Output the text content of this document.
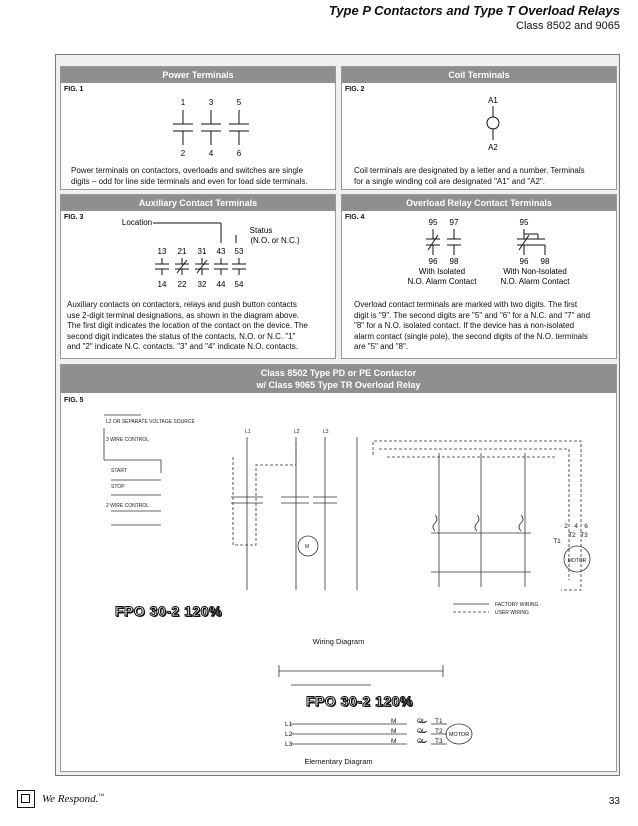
Type P Contactors and Type T Overload Relays
Class 8502 and 9065
Power Terminals
FIG. 1
1	3	5
2	4	6
Power terminals on contactors, overloads and switches are single
digits – odd for line side terminals and even for load side terminals.
Coil Terminals
FIG. 2
A1
A2
Coil terminals are designated by a letter and a number. Terminals
for a single winding coil are designated "A1" and "A2".
Auxiliary Contact Terminals
FIG. 3
Location
Status
(N.O. or N.C.)
13 21 31 43 53
14 22 32 44 54
Auxiliary contacts on contactors, relays and push button contacts
use 2-digit terminal designations, as shown in the diagram above.
The first digit indicates the location of the contact on the device. The
second digit indicates the status of the contacts, N.O. or N.C. "1"
and "2" indicate N.C. contacts. "3" and "4" indicate N.O. contacts.
Overload Relay Contact Terminals
FIG. 4
95 97
96 98
With Isolated
N.O. Alarm Contact
95
96 98
With Non-Isolated
N.O. Alarm Contact
Overload contact terminals are marked with two digits. The first
digit is "9". The second digits are "5" and "6" for a N.C. and "7" and
"8" for a N.O. isolated contact. If the device has a non-isolated
alarm contact (single pole), the second digits of the N.O. terminals
are "5" and "8".
Class 8502 Type PD or PE Contactor
w/ Class 9065 Type TR Overload Relay
FIG. 5
L2 OR SEPARATE VOLTAGE SOURCE
3 WIRE CONTROL
START
STOP
2 WIRE CONTROL
L1	L2	L3
FACTORY WIRING
USER WIRING
M
2 4 6
T1
T2 T3
MOTOR
L1
L2
L3
M
M
M
OL
OL
OL
T1
T2
T3
MOTOR
FPO 30-2 120%
Wiring Diagram
FPO 30-2 120%
Elementary Diagram
We Respond.™	33
